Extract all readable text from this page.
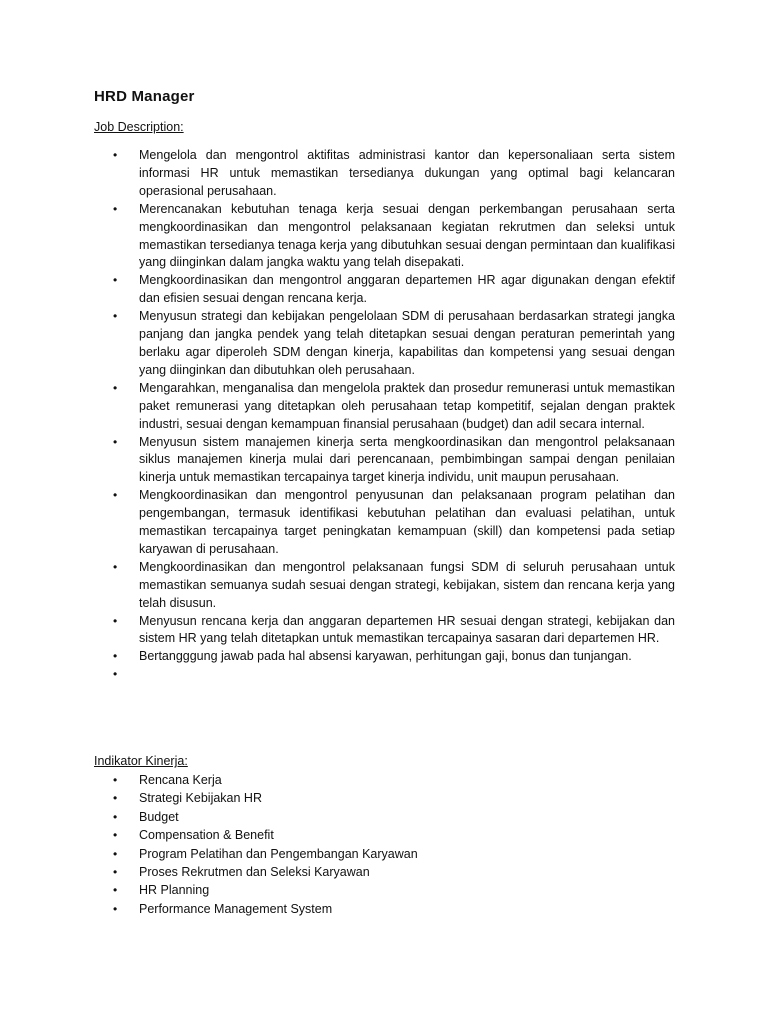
HRD Manager
Job Description:
• Mengelola dan mengontrol aktifitas administrasi kantor dan kepersonaliaan serta sistem informasi HR untuk memastikan tersedianya dukungan yang optimal bagi kelancaran operasional perusahaan.
• Merencanakan kebutuhan tenaga kerja sesuai dengan perkembangan perusahaan serta mengkoordinasikan dan mengontrol pelaksanaan kegiatan rekrutmen dan seleksi untuk memastikan tersedianya tenaga kerja yang dibutuhkan sesuai dengan permintaan dan kualifikasi yang diinginkan dalam jangka waktu yang telah disepakati.
• Mengkoordinasikan dan mengontrol anggaran departemen HR agar digunakan dengan efektif dan efisien sesuai dengan rencana kerja.
• Menyusun strategi dan kebijakan pengelolaan SDM di perusahaan berdasarkan strategi jangka panjang dan jangka pendek yang telah ditetapkan sesuai dengan peraturan pemerintah yang berlaku agar diperoleh SDM dengan kinerja, kapabilitas dan kompetensi yang sesuai dengan yang diinginkan dan dibutuhkan oleh perusahaan.
• Mengarahkan, menganalisa dan mengelola praktek dan prosedur remunerasi untuk memastikan paket remunerasi yang ditetapkan oleh perusahaan tetap kompetitif, sejalan dengan praktek industri, sesuai dengan kemampuan finansial perusahaan (budget) dan adil secara internal.
• Menyusun sistem manajemen kinerja serta mengkoordinasikan dan mengontrol pelaksanaan siklus manajemen kinerja mulai dari perencanaan, pembimbingan sampai dengan penilaian kinerja untuk memastikan tercapainya target kinerja individu, unit maupun perusahaan.
• Mengkoordinasikan dan mengontrol penyusunan dan pelaksanaan program pelatihan dan pengembangan, termasuk identifikasi kebutuhan pelatihan dan evaluasi pelatihan, untuk memastikan tercapainya target peningkatan kemampuan (skill) dan kompetensi pada setiap karyawan di perusahaan.
• Mengkoordinasikan dan mengontrol pelaksanaan fungsi SDM di seluruh perusahaan untuk memastikan semuanya sudah sesuai dengan strategi, kebijakan, sistem dan rencana kerja yang telah disusun.
• Menyusun rencana kerja dan anggaran departemen HR sesuai dengan strategi, kebijakan dan sistem HR yang telah ditetapkan untuk memastikan tercapainya sasaran dari departemen HR.
• Bertangggung jawab pada hal absensi karyawan, perhitungan gaji, bonus dan tunjangan.
•
Indikator Kinerja:
• Rencana Kerja
• Strategi Kebijakan HR
• Budget
• Compensation & Benefit
• Program Pelatihan dan Pengembangan Karyawan
• Proses Rekrutmen dan Seleksi Karyawan
• HR Planning
• Performance Management System
